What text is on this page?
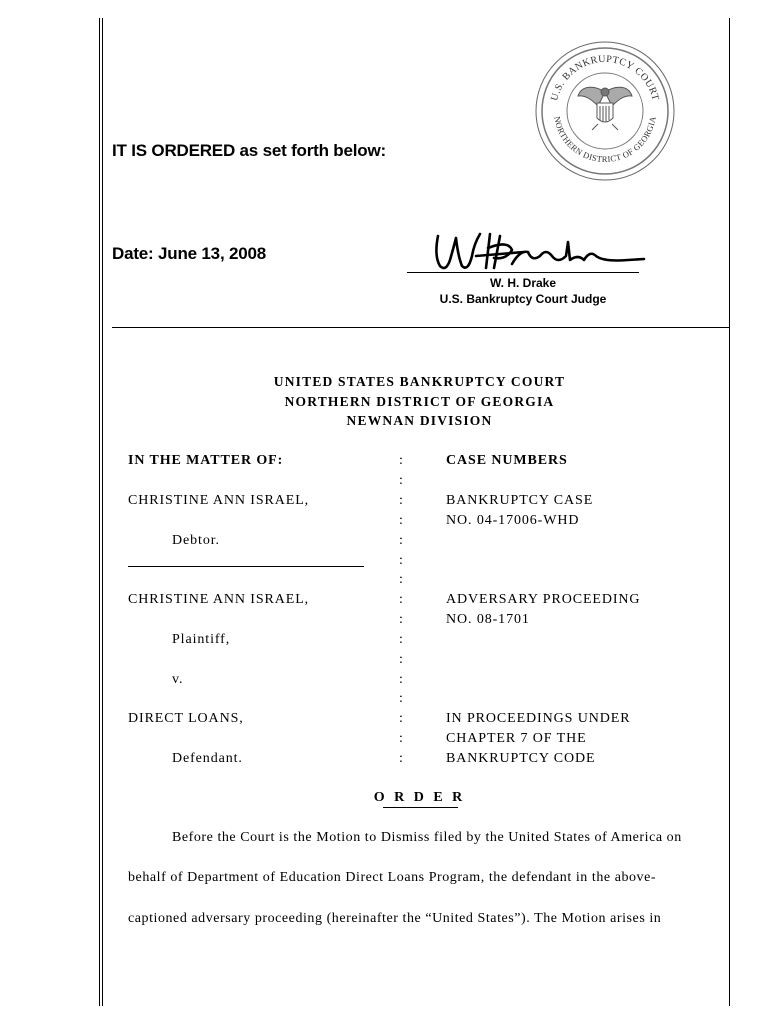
IT IS ORDERED as set forth below:
Date: June 13, 2008
U.S. BANKRUPTCY COURT
NORTHERN DISTRICT OF GEORGIA
W. H. Drake
U.S. Bankruptcy Court Judge
UNITED STATES BANKRUPTCY COURT
NORTHERN DISTRICT OF GEORGIA
NEWNAN DIVISION
IN THE MATTER OF:
CHRISTINE ANN ISRAEL,
Debtor.
CHRISTINE ANN ISRAEL,
Plaintiff,
v.
DIRECT LOANS,
Defendant.
:
:
:
:
:
:
:
:
:
:
:
:
:
:
:
:
CASE NUMBERS
BANKRUPTCY CASE
NO. 04-17006-WHD
ADVERSARY PROCEEDING
NO. 08-1701
IN PROCEEDINGS UNDER
CHAPTER 7 OF THE
BANKRUPTCY CODE
O R D E R
Before the Court is the Motion to Dismiss filed by the United States of America on
behalf of Department of Education Direct Loans Program, the defendant in the above-
captioned adversary proceeding (hereinafter the “United States”). The Motion arises in
